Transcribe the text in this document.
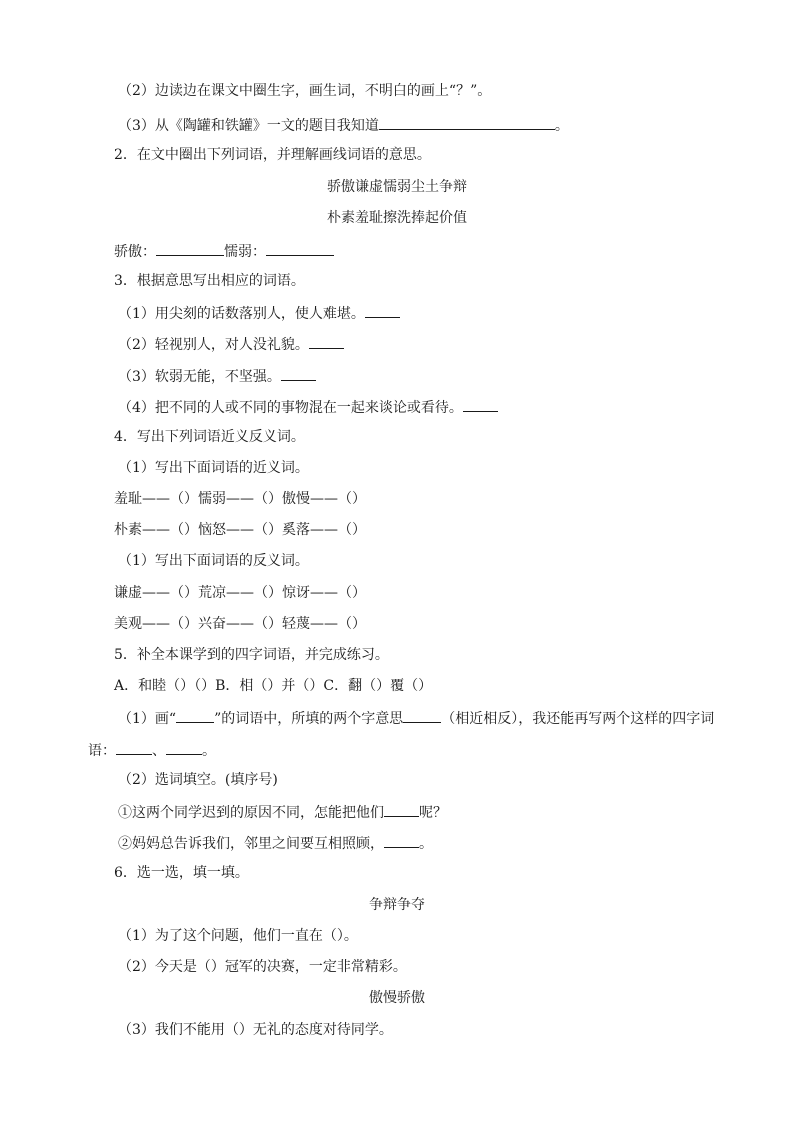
（2）边读边在课文中圈生字，画生词，不明白的画上“？”。
（3）从《陶罐和铁罐》一文的题目我知道	。
2．在文中圈出下列词语，并理解画线词语的意思。
骄傲谦虚懦弱尘土争辩
朴素羞耻擦洗捧起价值
骄傲：	懦弱：
3．根据意思写出相应的词语。
（1）用尖刻的话数落别人，使人难堪。
（2）轻视别人，对人没礼貌。
（3）软弱无能，不坚强。
（4）把不同的人或不同的事物混在一起来谈论或看待。
4．写出下列词语近义反义词。
（1）写出下面词语的近义词。
羞耻——（）懦弱——（）傲慢——（）
朴素——（）恼怒——（）奚落——（）
（1）写出下面词语的反义词。
谦虚——（）荒凉——（）惊讶——（）
美观——（）兴奋——（）轻蔑——（）
5．补全本课学到的四字词语，并完成练习。
A．和睦（）（）B．相（）并（）C．翻（）覆（）
（1）画“	”的词语中，所填的两个字意思	（相近相反），我还能再写两个这样的四字词
语：	、	。
（2）选词填空。(填序号)
①这两个同学迟到的原因不同，怎能把他们	呢？
②妈妈总告诉我们，邻里之间要互相照顾，	。
6．选一选，填一填。
争辩争夺
（1）为了这个问题，他们一直在（）。
（2）今天是（）冠军的决赛，一定非常精彩。
傲慢骄傲
（3）我们不能用（）无礼的态度对待同学。
